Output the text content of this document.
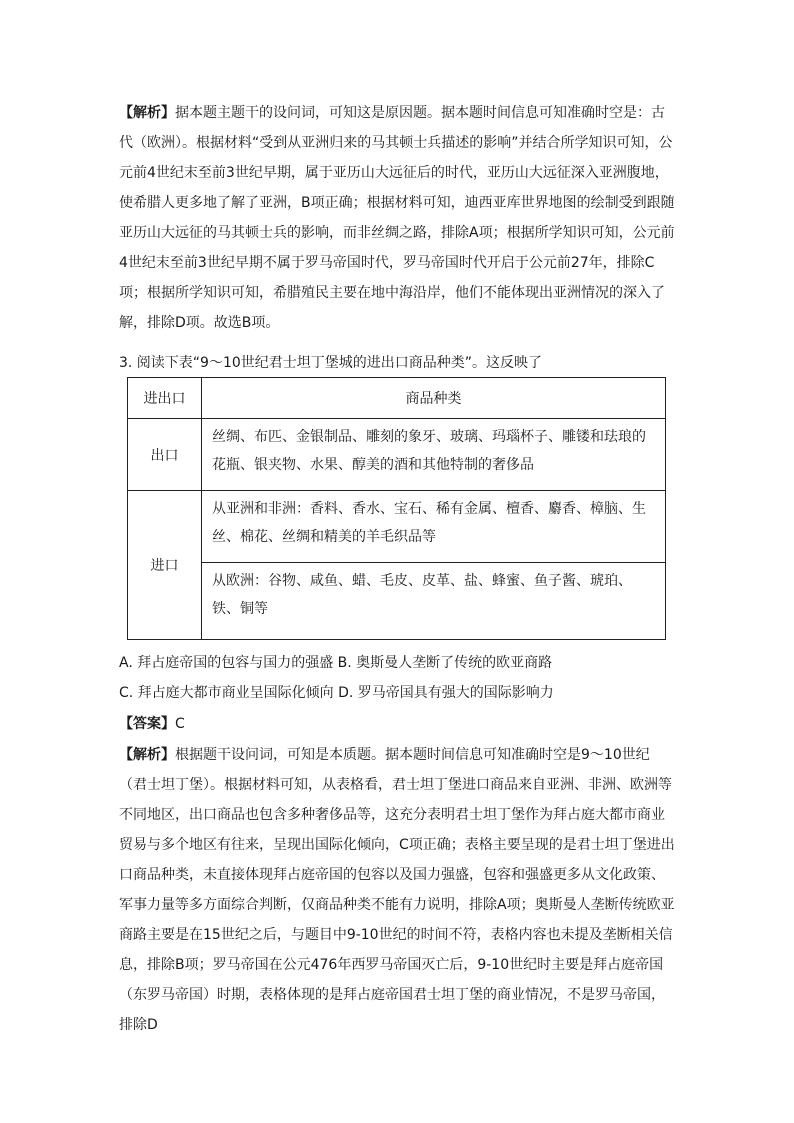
【解析】据本题主题干的设问词，可知这是原因题。据本题时间信息可知准确时空是：古代（欧洲）。根据材料“受到从亚洲归来的马其顿士兵描述的影响”并结合所学知识可知，公元前4世纪末至前3世纪早期，属于亚历山大远征后的时代，亚历山大远征深入亚洲腹地，使希腊人更多地了解了亚洲，B项正确；根据材料可知，迪西亚库世界地图的绘制受到跟随亚历山大远征的马其顿士兵的影响，而非丝绸之路，排除A项；根据所学知识可知，公元前4世纪末至前3世纪早期不属于罗马帝国时代，罗马帝国时代开启于公元前27年，排除C项；根据所学知识可知，希腊殖民主要在地中海沿岸，他们不能体现出亚洲情况的深入了解，排除D项。故选B项。
3. 阅读下表“9～10世纪君士坦丁堡城的进出口商品种类”。这反映了
进出口	商品种类
出口	丝绸、布匹、金银制品、雕刻的象牙、玻璃、玛瑙杯子、雕镂和珐琅的花瓶、银夹物、水果、醇美的酒和其他特制的奢侈品
进口	从亚洲和非洲：香料、香水、宝石、稀有金属、檀香、麝香、樟脑、生丝、棉花、丝绸和精美的羊毛织品等
	从欧洲：谷物、咸鱼、蜡、毛皮、皮革、盐、蜂蜜、鱼子酱、琥珀、铁、铜等
A. 拜占庭帝国的包容与国力的强盛 B. 奥斯曼人垄断了传统的欧亚商路
C. 拜占庭大都市商业呈国际化倾向 D. 罗马帝国具有强大的国际影响力
【答案】C
【解析】根据题干设问词，可知是本质题。据本题时间信息可知准确时空是9～10世纪（君士坦丁堡）。根据材料可知，从表格看，君士坦丁堡进口商品来自亚洲、非洲、欧洲等不同地区，出口商品也包含多种奢侈品等，这充分表明君士坦丁堡作为拜占庭大都市商业贸易与多个地区有往来，呈现出国际化倾向，C项正确；表格主要呈现的是君士坦丁堡进出口商品种类，未直接体现拜占庭帝国的包容以及国力强盛，包容和强盛更多从文化政策、军事力量等多方面综合判断，仅商品种类不能有力说明，排除A项；奥斯曼人垄断传统欧亚商路主要是在15世纪之后，与题目中9-10世纪的时间不符，表格内容也未提及垄断相关信息，排除B项；罗马帝国在公元476年西罗马帝国灭亡后，9-10世纪时主要是拜占庭帝国（东罗马帝国）时期，表格体现的是拜占庭帝国君士坦丁堡的商业情况，不是罗马帝国，排除D
